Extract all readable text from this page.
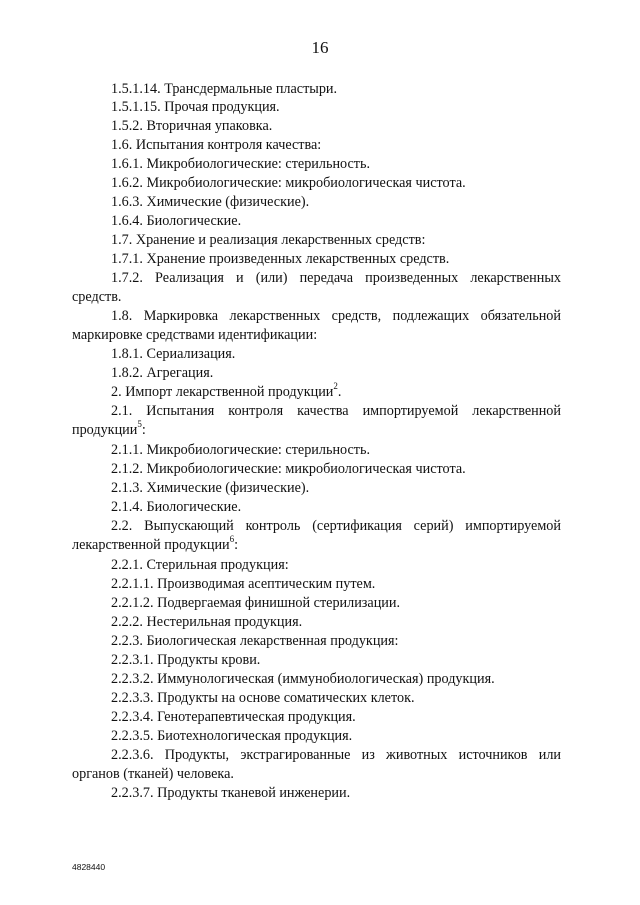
16
1.5.1.14. Трансдермальные пластыри.
1.5.1.15. Прочая продукция.
1.5.2. Вторичная упаковка.
1.6. Испытания контроля качества:
1.6.1. Микробиологические: стерильность.
1.6.2. Микробиологические: микробиологическая чистота.
1.6.3. Химические (физические).
1.6.4. Биологические.
1.7. Хранение и реализация лекарственных средств:
1.7.1. Хранение произведенных лекарственных средств.
1.7.2. Реализация и (или) передача произведенных лекарственных
средств.
1.8. Маркировка лекарственных средств, подлежащих обязательной
маркировке средствами идентификации:
1.8.1. Сериализация.
1.8.2. Агрегация.
2. Импорт лекарственной продукции$^2$.
2.1. Испытания контроля качества импортируемой лекарственной
продукции$^5$:
2.1.1. Микробиологические: стерильность.
2.1.2. Микробиологические: микробиологическая чистота.
2.1.3. Химические (физические).
2.1.4. Биологические.
2.2. Выпускающий контроль (сертификация серий) импортируемой
лекарственной продукции$^6$:
2.2.1. Стерильная продукция:
2.2.1.1. Производимая асептическим путем.
2.2.1.2. Подвергаемая финишной стерилизации.
2.2.2. Нестерильная продукция.
2.2.3. Биологическая лекарственная продукция:
2.2.3.1. Продукты крови.
2.2.3.2. Иммунологическая (иммунобиологическая) продукция.
2.2.3.3. Продукты на основе соматических клеток.
2.2.3.4. Генотерапевтическая продукция.
2.2.3.5. Биотехнологическая продукция.
2.2.3.6. Продукты, экстрагированные из животных источников или
органов (тканей) человека.
2.2.3.7. Продукты тканевой инженерии.
4828440
